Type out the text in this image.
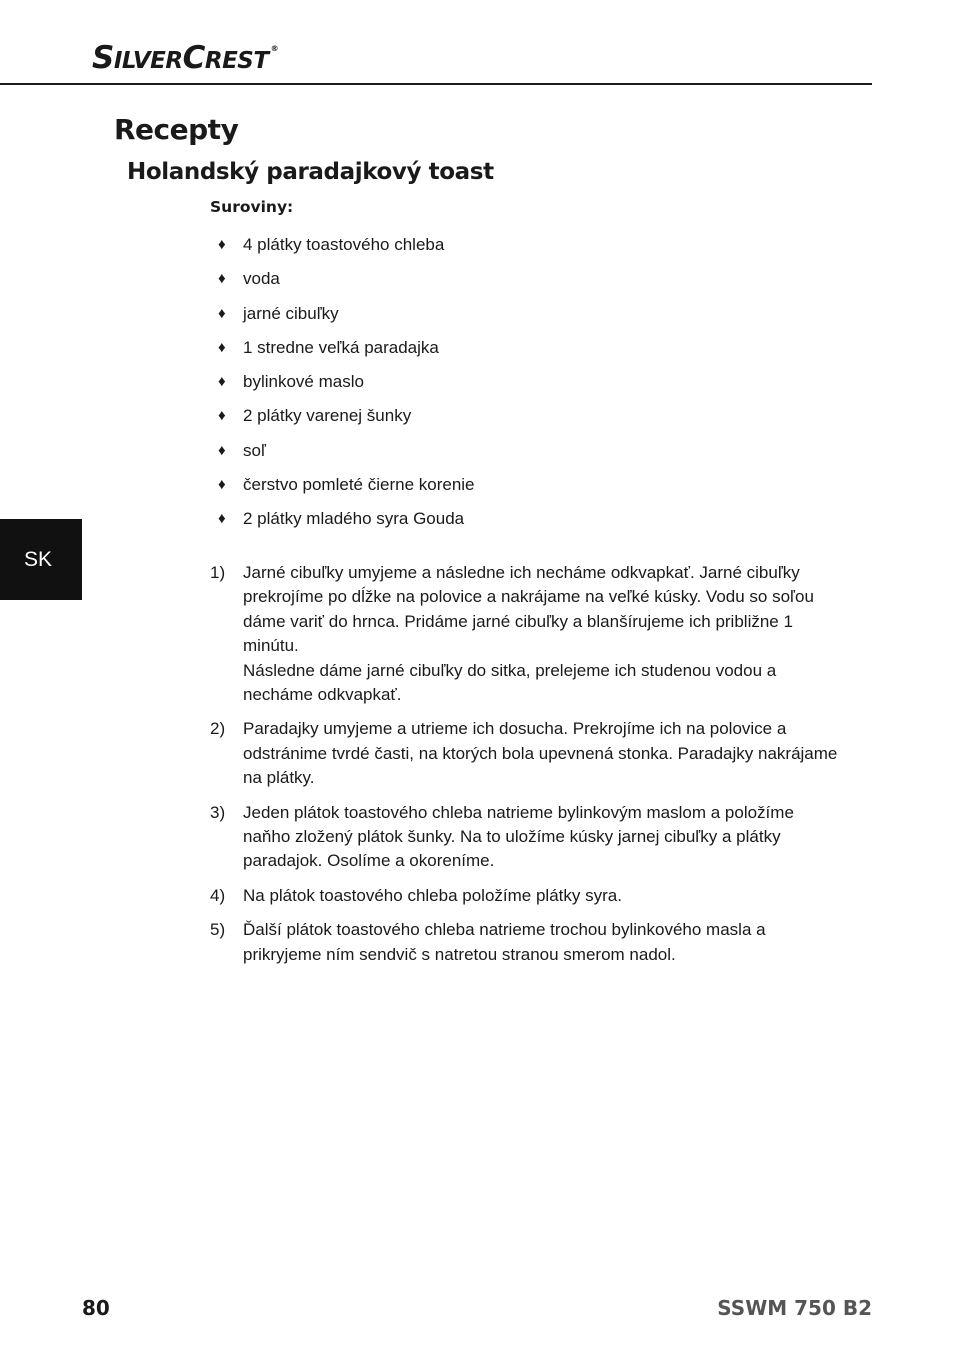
SILVERCREST ®
Recepty
Holandský paradajkový toast
Suroviny:
♦	4 plátky toastového chleba
♦	voda
♦	jarné cibuľky
♦	1 stredne veľká paradajka
♦	bylinkové maslo
♦	2 plátky varenej šunky
♦	soľ
♦	čerstvo pomleté čierne korenie
♦	2 plátky mladého syra Gouda
1)	Jarné cibuľky umyjeme a následne ich necháme odkvapkať. Jarné cibuľky prekrojíme po dĺžke na polovice a nakrájame na veľké kúsky. Vodu so soľou dáme variť do hrnca. Pridáme jarné cibuľky a blanšírujeme ich približne 1 minútu.
Následne dáme jarné cibuľky do sitka, prelejeme ich studenou vodou a necháme odkvapkať.
2)	Paradajky umyjeme a utrieme ich dosucha. Prekrojíme ich na polovice a odstránime tvrdé časti, na ktorých bola upevnená stonka. Paradajky nakrájame na plátky.
3)	Jeden plátok toastového chleba natrieme bylinkovým maslom a položíme naňho zložený plátok šunky. Na to uložíme kúsky jarnej cibuľky a plátky paradajok. Osolíme a okoreníme.
4)	Na plátok toastového chleba položíme plátky syra.
5)	Ďalší plátok toastového chleba natrieme trochou bylinkového masla a prikryjeme ním sendvič s natretou stranou smerom nadol.
SK
80	SSWM 750 B2
